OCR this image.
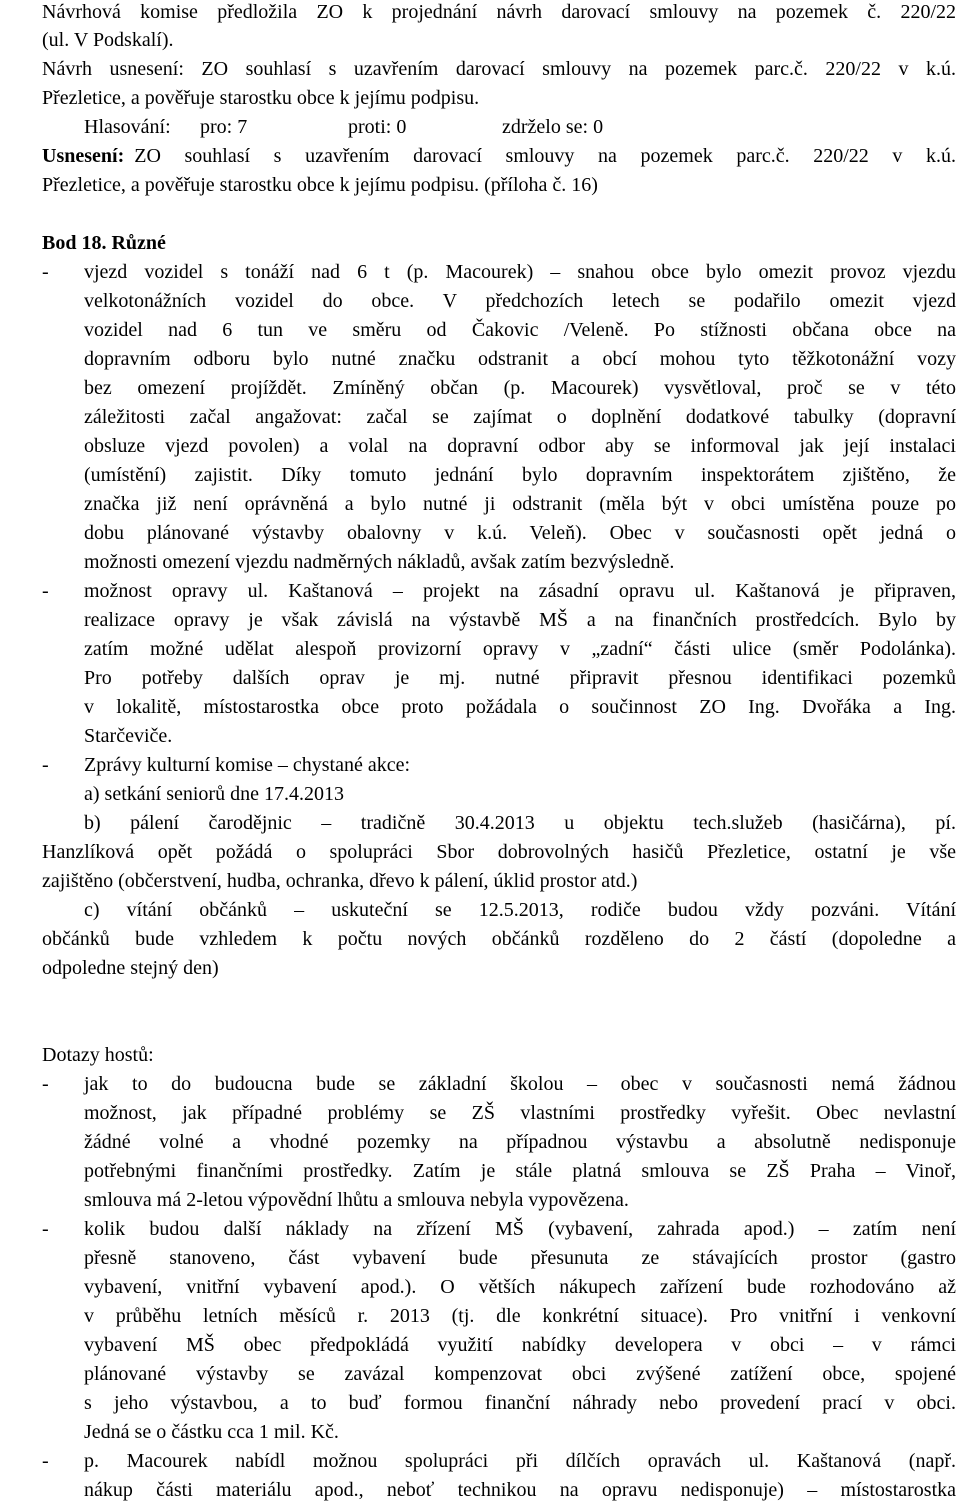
Návrhová komise předložila ZO k projednání návrh darovací smlouvy na pozemek č. 220/22
(ul. V Podskalí).
Návrh usnesení: ZO souhlasí s uzavřením darovací smlouvy na pozemek parc.č. 220/22 v k.ú.
Přezletice, a pověřuje starostku obce k jejímu podpisu.
Hlasování: pro: 7	proti: 0	zdrželo se: 0
Usnesení: ZO souhlasí s uzavřením darovací smlouvy na pozemek parc.č. 220/22 v k.ú.
Přezletice, a pověřuje starostku obce k jejímu podpisu. (příloha č. 16)
Bod 18. Různé
- vjezd vozidel s tonáží nad 6 t (p. Macourek) – snahou obce bylo omezit provoz vjezdu
velkotonážních vozidel do obce. V předchozích letech se podařilo omezit vjezd
vozidel nad 6 tun ve směru od Čakovic /Veleně. Po stížnosti občana obce na
dopravním odboru bylo nutné značku odstranit a obcí mohou tyto těžkotonážní vozy
bez omezení projíždět. Zmíněný občan (p. Macourek) vysvětloval, proč se v této
záležitosti začal angažovat: začal se zajímat o doplnění dodatkové tabulky (dopravní
obsluze vjezd povolen) a volal na dopravní odbor aby se informoval jak její instalaci
(umístění) zajistit. Díky tomuto jednání bylo dopravním inspektorátem zjištěno, že
značka již není oprávněná a bylo nutné ji odstranit (měla být v obci umístěna pouze po
dobu plánované výstavby obalovny v k.ú. Veleň). Obec v současnosti opět jedná o
možnosti omezení vjezdu nadměrných nákladů, avšak zatím bezvýsledně.
- možnost opravy ul. Kaštanová – projekt na zásadní opravu ul. Kaštanová je připraven,
realizace opravy je však závislá na výstavbě MŠ a na finančních prostředcích. Bylo by
zatím možné udělat alespoň provizorní opravy v „zadní“ části ulice (směr Podolánka).
Pro potřeby dalších oprav je mj. nutné připravit přesnou identifikaci pozemků
v lokalitě, místostarostka obce proto požádala o součinnost ZO Ing. Dvořáka a Ing.
Starčeviče.
- Zprávy kulturní komise – chystané akce:
a) setkání seniorů dne 17.4.2013
b) pálení čarodějnic – tradičně 30.4.2013 u objektu tech.služeb (hasičárna), pí.
Hanzlíková opět požádá o spolupráci Sbor dobrovolných hasičů Přezletice, ostatní je vše
zajištěno (občerstvení, hudba, ochranka, dřevo k pálení, úklid prostor atd.)
c) vítání občánků – uskuteční se 12.5.2013, rodiče budou vždy pozváni. Vítání
občánků bude vzhledem k počtu nových občánků rozděleno do 2 částí (dopoledne a
odpoledne stejný den)
Dotazy hostů:
- jak to do budoucna bude se základní školou – obec v současnosti nemá žádnou
možnost, jak případné problémy se ZŠ vlastními prostředky vyřešit. Obec nevlastní
žádné volné a vhodné pozemky na případnou výstavbu a absolutně nedisponuje
potřebnými finančními prostředky. Zatím je stále platná smlouva se ZŠ Praha – Vinoř,
smlouva má 2-letou výpovědní lhůtu a smlouva nebyla vypovězena.
- kolik budou další náklady na zřízení MŠ (vybavení, zahrada apod.) – zatím není
přesně stanoveno, část vybavení bude přesunuta ze stávajících prostor (gastro
vybavení, vnitřní vybavení apod.). O větších nákupech zařízení bude rozhodováno až
v průběhu letních měsíců r. 2013 (tj. dle konkrétní situace). Pro vnitřní i venkovní
vybavení MŠ obec předpokládá využití nabídky developera v obci – v rámci
plánované výstavby se zavázal kompenzovat obci zvýšené zatížení obce, spojené
s jeho výstavbou, a to buď formou finanční náhrady nebo provedení prací v obci.
Jedná se o částku cca 1 mil. Kč.
- p. Macourek nabídl možnou spolupráci při dílčích opravách ul. Kaštanová (např.
nákup části materiálu apod., neboť technikou na opravu nedisponuje) – místostarostka
